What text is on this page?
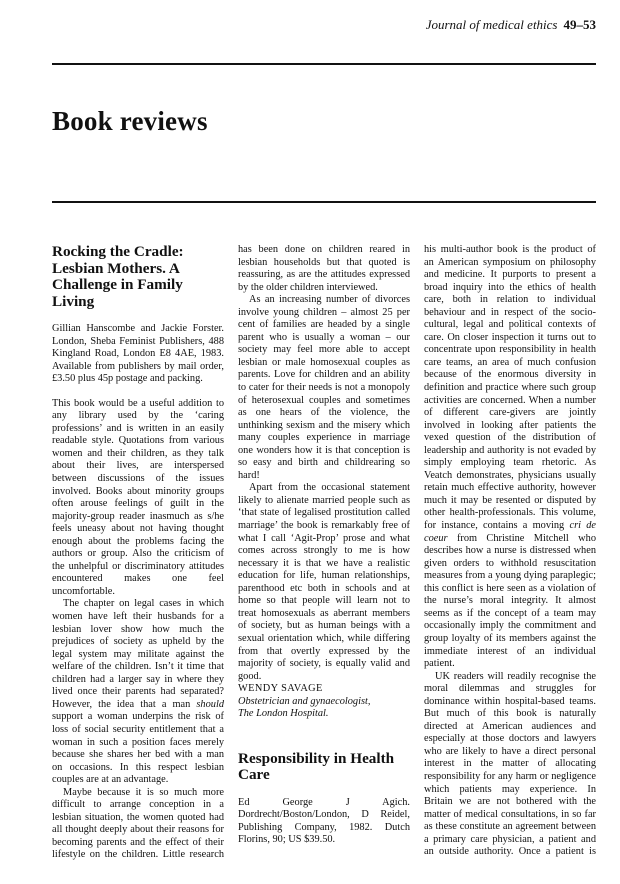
Journal of medical ethics 49–53
Book reviews
Rocking the Cradle: Lesbian Mothers. A Challenge in Family Living

Gillian Hanscombe and Jackie Forster. London, Sheba Feminist Publishers, 488 Kingland Road, London E8 4AE, 1983. Available from publishers by mail order, £3.50 plus 45p postage and packing.

This book would be a useful addition to any library used by the ‘caring professions’ and is written in an easily readable style. Quotations from various women and their children, as they talk about their lives, are interspersed between discussions of the issues involved. Books about minority groups often arouse feelings of guilt in the majority-group reader inasmuch as s/he feels uneasy about not having thought enough about the problems facing the authors or group. Also the criticism of the unhelpful or discriminatory attitudes encountered makes one feel uncomfortable.

The chapter on legal cases in which women have left their husbands for a lesbian lover show how much the prejudices of society as upheld by the legal system may militate against the welfare of the children. Isn’t it time that children had a larger say in where they lived once their parents had separated? However, the idea that a man should support a woman underpins the risk of loss of social security entitlement that a woman in such a position faces merely because she shares her bed with a man on occasions. In this respect lesbian couples are at an advantage.

Maybe because it is so much more difficult to arrange conception in a lesbian situation, the women quoted had all thought deeply about their reasons for becoming parents and the effect of their lifestyle on the children. Little research

has been done on children reared in lesbian households but that quoted is reassuring, as are the attitudes expressed by the older children interviewed.

As an increasing number of divorces involve young children – almost 25 per cent of families are headed by a single parent who is usually a woman – our society may feel more able to accept lesbian or male homosexual couples as parents. Love for children and an ability to cater for their needs is not a monopoly of heterosexual couples and sometimes as one hears of the violence, the unthinking sexism and the misery which many couples experience in marriage one wonders how it is that conception is so easy and birth and childrearing so hard!

Apart from the occasional statement likely to alienate married people such as ‘that state of legalised prostitution called marriage’ the book is remarkably free of what I call ‘Agit-Prop’ prose and what comes across strongly to me is how necessary it is that we have a realistic education for life, human relationships, parenthood etc both in schools and at home so that people will learn not to treat homosexuals as aberrant members of society, but as human beings with a sexual orientation which, while differing from that overtly expressed by the majority of society, is equally valid and good.

WENDY SAVAGE

Obstetrician and gynaecologist,

The London Hospital.

Responsibility in Health Care

Ed George J Agich. Dordrecht/Boston/London, D Reidel, Publishing Company, 1982. Dutch Florins, 90; US $39.50.

his multi-author book is the product of an American symposium on philosophy and medicine. It purports to present a broad inquiry into the ethics of health care, both in relation to individual behaviour and in respect of the socio-cultural, legal and political contexts of care. On closer inspection it turns out to concentrate upon responsibility in health care teams, an area of much confusion because of the enormous diversity in definition and practice where such group activities are concerned. When a number of different care-givers are jointly involved in looking after patients the vexed question of the distribution of leadership and authority is not evaded by simply employing team rhetoric. As Veatch demonstrates, physicians usually retain much effective authority, however much it may be resented or disputed by other health-professionals. This volume, for instance, contains a moving cri de coeur from Christine Mitchell who describes how a nurse is distressed when given orders to withhold resuscitation measures from a young dying paraplegic; this conflict is here seen as a violation of the nurse’s moral integrity. It almost seems as if the concept of a team may occasionally imply the commitment and group loyalty of its members against the immediate interest of an individual patient.

UK readers will readily recognise the moral dilemmas and struggles for dominance within hospital-based teams. But much of this book is naturally directed at American audiences and especially at those doctors and lawyers who are likely to have a direct personal interest in the matter of allocating responsibility for any harm or negligence which patients may experience. In Britain we are not bothered with the matter of medical consultations, in so far as these constitute an agreement between a primary care physician, a patient and an outside authority. Once a patient is
